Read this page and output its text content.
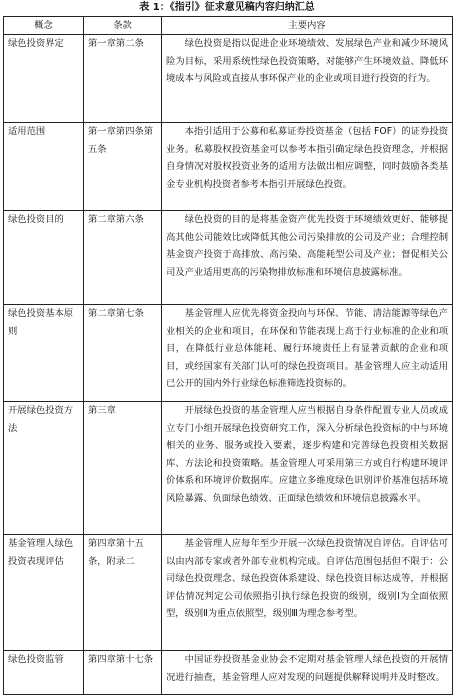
表 1：《指引》征求意见稿内容归纳汇总
概念	条款	主要内容
绿色投资界定	第一章第二条	绿色投资是指以促进企业环境绩效、发展绿色产业和减少环境风险为目标，采用系统性绿色投资策略，对能够产生环境效益、降低环境成本与风险或直接从事环保产业的企业或项目进行投资的行为。
适用范围	第一章第四条第五条	本指引适用于公募和私募证券投资基金（包括 FOF）的证券投资业务。私募股权投资基金可以参考本指引确定绿色投资理念，并根据自身情况对股权投资业务的适用方法做出相应调整，同时鼓励各类基金专业机构投资者参考本指引开展绿色投资。
绿色投资目的	第二章第六条	绿色投资的目的是将基金资产优先投资于环境绩效更好、能够提高其他公司能效比或降低其他公司污染排放的公司及产业；合理控制基金资产投资于高排放、高污染、高能耗型公司及产业；督促相关公司及产业适用更高的污染物排放标准和环境信息披露标准。
绿色投资基本原则	第二章第七条	基金管理人应优先将资金投向与环保、节能、清洁能源等绿色产业相关的企业和项目，在环保和节能表现上高于行业标准的企业和项目，在降低行业总体能耗、履行环境责任上有显著贡献的企业和项目，或经国家有关部门认可的绿色投资项目。基金管理人应主动适用已公开的国内外行业绿色标准筛选投资标的。
开展绿色投资方法	第三章	开展绿色投资的基金管理人应当根据自身条件配置专业人员或成立专门小组开展绿色投资研究工作，深入分析绿色投资标的中与环境相关的业务、服务或投入要素，逐步构建和完善绿色投资相关数据库、方法论和投资策略。基金管理人可采用第三方或自行构建环境评价体系和环境评价数据库。应建立多维度绿色识别评价基准包括环境风险暴露、负面绿色绩效、正面绿色绩效和环境信息披露水平。
基金管理人绿色投资表现评估	第四章第十五条，附录二	基金管理人应每年至少开展一次绿色投资情况自评估。自评估可以由内部专家或者外部专业机构完成。自评估范围包括但不限于：公司绿色投资理念、绿色投资体系建设、绿色投资目标达成等，并根据评估情况判定公司依照指引执行绿色投资的级别，级别Ⅰ为全面依照型，级别Ⅱ为重点依照型，级别Ⅲ为理念参考型。
绿色投资监管	第四章第十七条	中国证券投资基金业协会不定期对基金管理人绿色投资的开展情况进行抽查，基金管理人应对发现的问题提供解释说明并及时整改。
